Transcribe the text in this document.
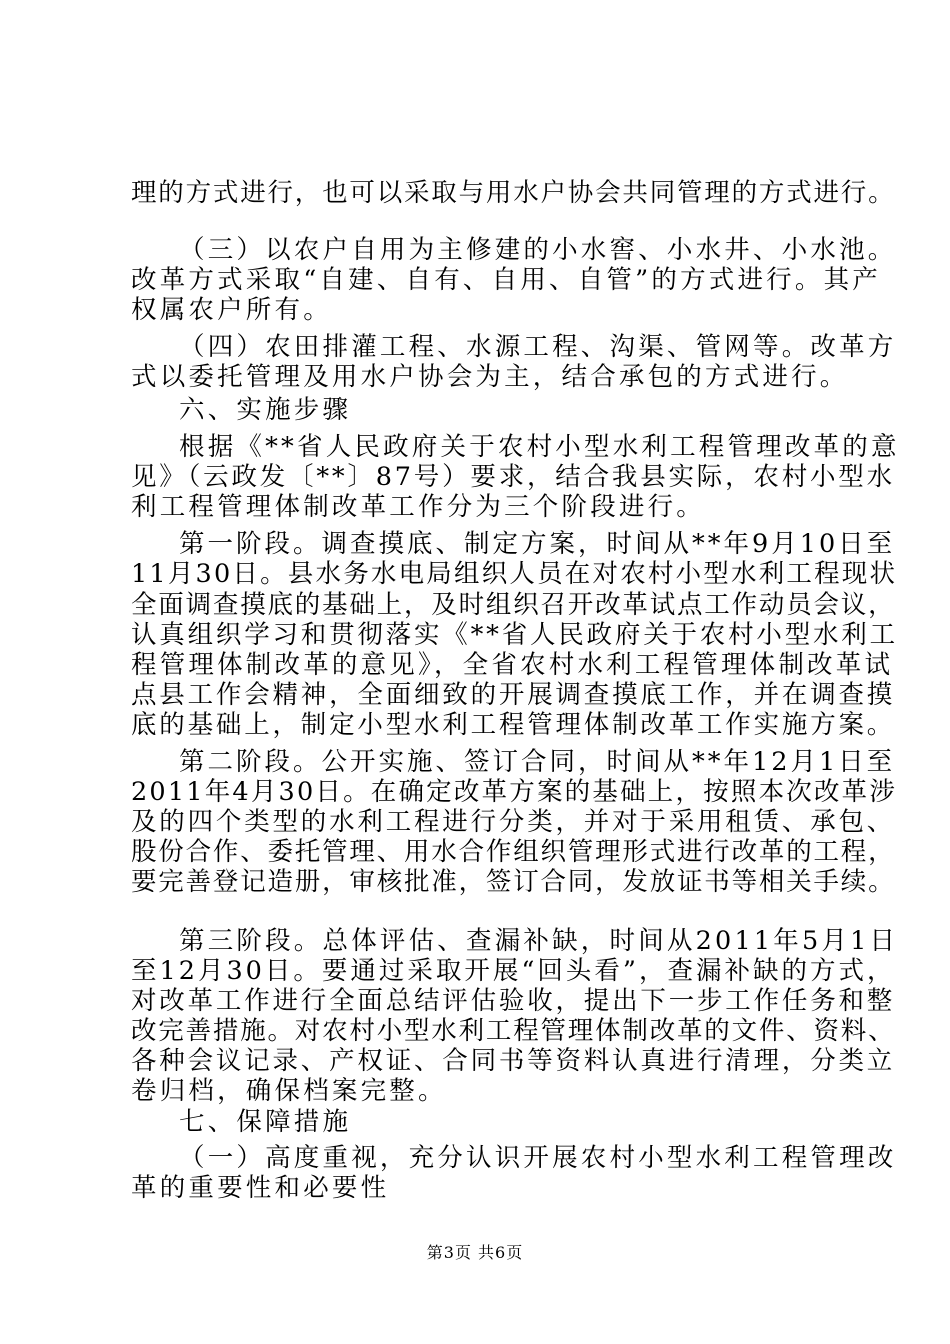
理的方式进行，也可以采取与用水户协会共同管理的方式进行。
（三）以农户自用为主修建的小水窖、小水井、小水池。
改革方式采取“自建、自有、自用、自管”的方式进行。其产
权属农户所有。
（四）农田排灌工程、水源工程、沟渠、管网等。改革方
式以委托管理及用水户协会为主，结合承包的方式进行。
六、实施步骤
根据《**省人民政府关于农村小型水利工程管理改革的意
见》（云政发〔**〕87号）要求，结合我县实际，农村小型水
利工程管理体制改革工作分为三个阶段进行。
第一阶段。调查摸底、制定方案，时间从**年9月10日至
11月30日。县水务水电局组织人员在对农村小型水利工程现状
全面调查摸底的基础上，及时组织召开改革试点工作动员会议，
认真组织学习和贯彻落实《**省人民政府关于农村小型水利工
程管理体制改革的意见》，全省农村水利工程管理体制改革试
点县工作会精神，全面细致的开展调查摸底工作，并在调查摸
底的基础上，制定小型水利工程管理体制改革工作实施方案。
第二阶段。公开实施、签订合同，时间从**年12月1日至
2011年4月30日。在确定改革方案的基础上，按照本次改革涉
及的四个类型的水利工程进行分类，并对于采用租赁、承包、
股份合作、委托管理、用水合作组织管理形式进行改革的工程，
要完善登记造册，审核批准，签订合同，发放证书等相关手续。
第三阶段。总体评估、查漏补缺，时间从2011年5月1日
至12月30日。要通过采取开展“回头看”，查漏补缺的方式，
对改革工作进行全面总结评估验收，提出下一步工作任务和整
改完善措施。对农村小型水利工程管理体制改革的文件、资料、
各种会议记录、产权证、合同书等资料认真进行清理，分类立
卷归档，确保档案完整。
七、保障措施
（一）高度重视，充分认识开展农村小型水利工程管理改
革的重要性和必要性
第3页 共6页
